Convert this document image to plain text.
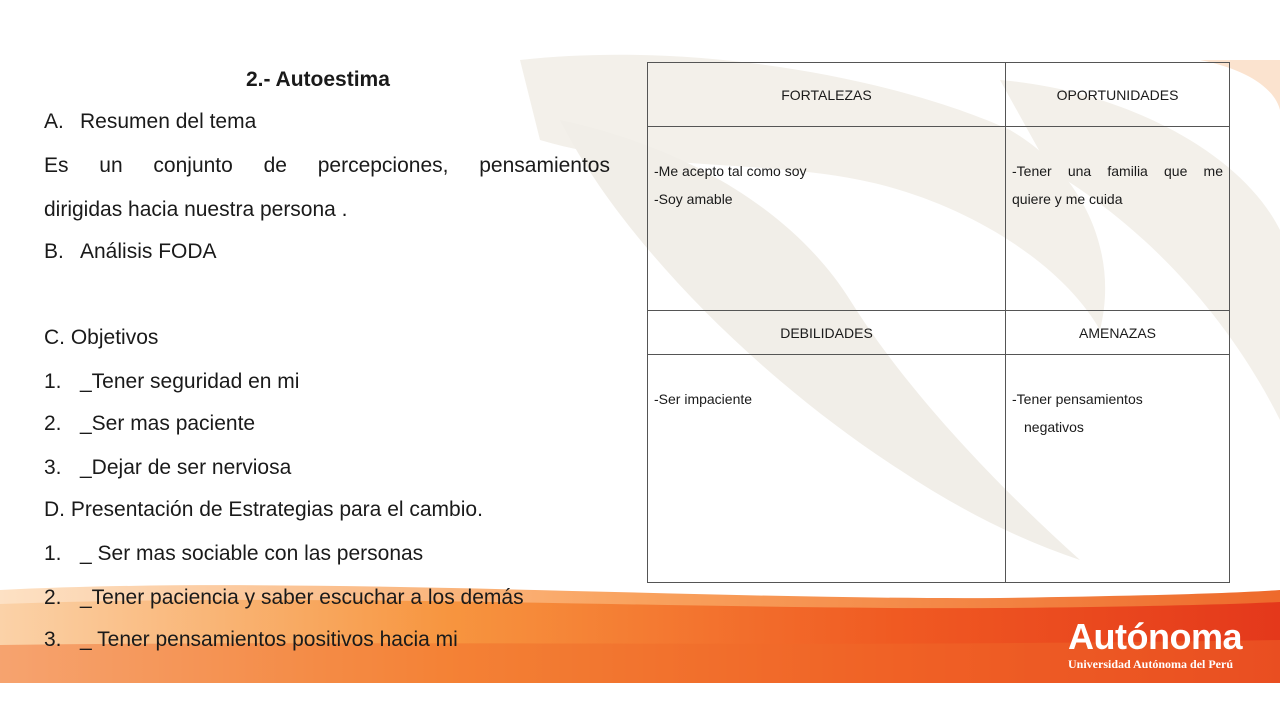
2.- Autoestima
A. Resumen del tema
Es un conjunto de percepciones, pensamientos
dirigidas hacia nuestra persona .
B. Análisis FODA
C. Objetivos
1. _Tener seguridad en mi
2. _Ser mas paciente
3. _Dejar de ser nerviosa
D. Presentación de Estrategias para el cambio.
1. _ Ser mas sociable con las personas
2. _Tener paciencia y saber escuchar a los demás
3. _ Tener pensamientos positivos hacia mi
FORTALEZAS	OPORTUNIDADES

-Me acepto tal como soy
-Soy amable	-Tener una familia que me
quiere y me cuida

DEBILIDADES	AMENAZAS

-Ser impaciente	-Tener pensamientos
negativos
Autónoma
Universidad Autónoma del Perú
